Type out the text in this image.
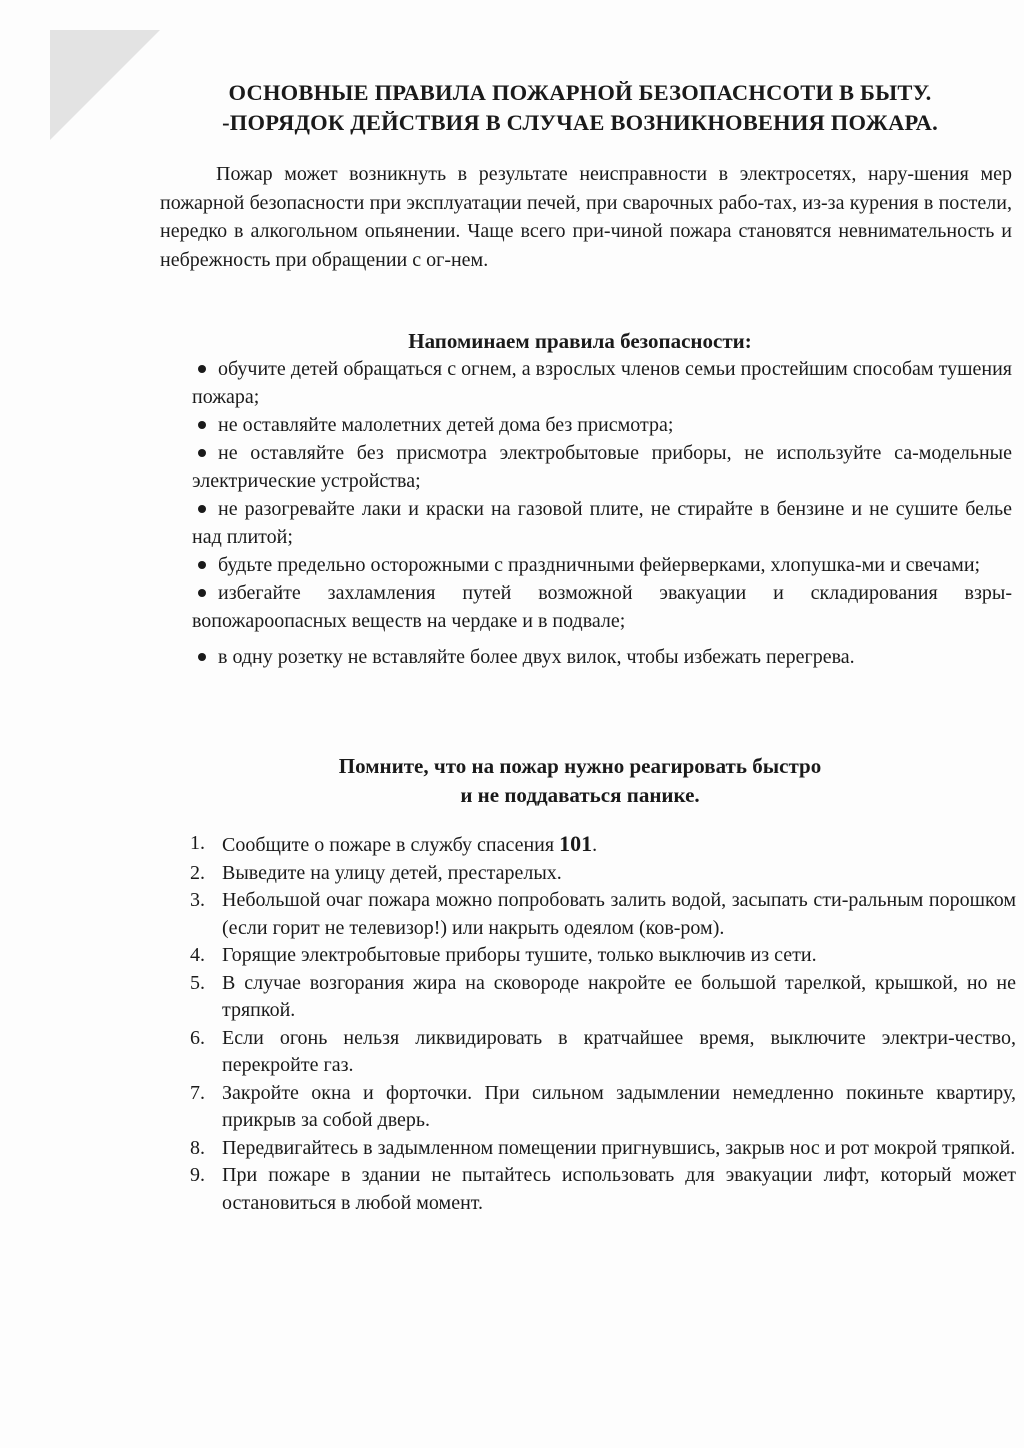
ОСНОВНЫЕ ПРАВИЛА ПОЖАРНОЙ БЕЗОПАСНСОТИ В БЫТУ.
-ПОРЯДОК ДЕЙСТВИЯ В СЛУЧАЕ ВОЗНИКНОВЕНИЯ ПОЖАРА.
Пожар может возникнуть в результате неисправности в электросетях, нару-шения мер пожарной безопасности при эксплуатации печей, при сварочных рабо-тах, из-за курения в постели, нередко в алкогольном опьянении. Чаще всего при-чиной пожара становятся невнимательность и небрежность при обращении с ог-нем.
Напоминаем правила безопасности:
обучите детей обращаться с огнем, а взрослых членов семьи простейшим способам тушения пожара;
не оставляйте малолетних детей дома без присмотра;
не оставляйте без присмотра электробытовые приборы, не используйте са-модельные электрические устройства;
не разогревайте лаки и краски на газовой плите, не стирайте в бензине и не сушите белье над плитой;
будьте предельно осторожными с праздничными фейерверками, хлопушка-ми и свечами;
избегайте захламления путей возможной эвакуации и складирования взры-вопожароопасных веществ на чердаке и в подвале;
в одну розетку не вставляйте более двух вилок, чтобы избежать перегрева.
Помните, что на пожар нужно реагировать быстро
и не поддаваться панике.
1. Сообщите о пожаре в службу спасения 101.
2. Выведите на улицу детей, престарелых.
3. Небольшой очаг пожара можно попробовать залить водой, засыпать сти-ральным порошком (если горит не телевизор!) или накрыть одеялом (ков-ром).
4. Горящие электробытовые приборы тушите, только выключив из сети.
5. В случае возгорания жира на сковороде накройте ее большой тарелкой, крышкой, но не тряпкой.
6. Если огонь нельзя ликвидировать в кратчайшее время, выключите электри-чество, перекройте газ.
7. Закройте окна и форточки. При сильном задымлении немедленно покиньте квартиру, прикрыв за собой дверь.
8. Передвигайтесь в задымленном помещении пригнувшись, закрыв нос и рот мокрой тряпкой.
9. При пожаре в здании не пытайтесь использовать для эвакуации лифт, который может остановиться в любой момент.
